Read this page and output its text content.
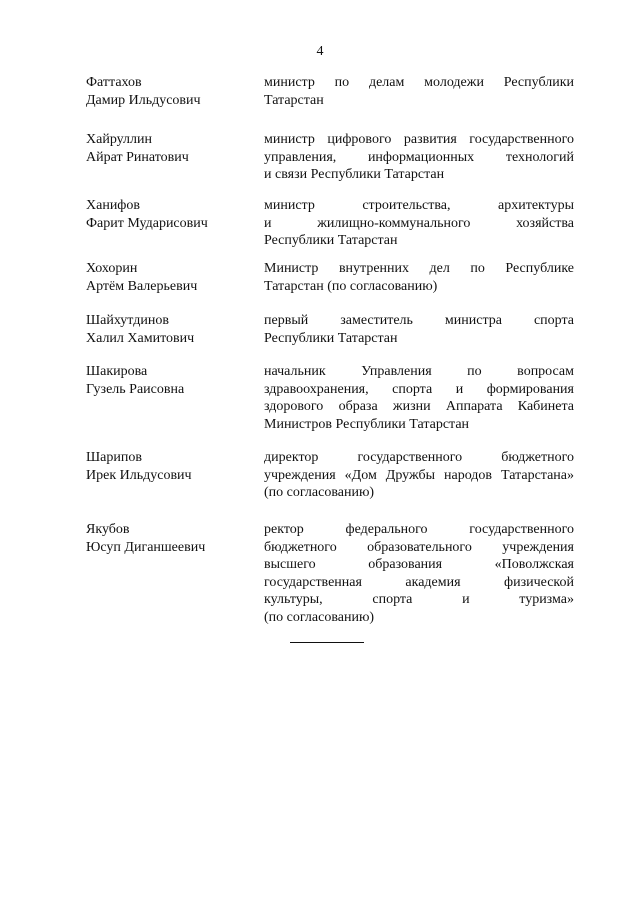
4
Фаттахов
Дамир Ильдусович
министр по делам молодежи Республики
Татарстан
Хайруллин
Айрат Ринатович
министр цифрового развития государственного
управления, информационных технологий
и связи Республики Татарстан
Ханифов
Фарит Мударисович
министр строительства, архитектуры
и жилищно-коммунального хозяйства
Республики Татарстан
Хохорин
Артём Валерьевич
Министр внутренних дел по Республике
Татарстан (по согласованию)
Шайхутдинов
Халил Хамитович
первый заместитель министра спорта
Республики Татарстан
Шакирова
Гузель Раисовна
начальник Управления по вопросам
здравоохранения, спорта и формирования
здорового образа жизни Аппарата Кабинета
Министров Республики Татарстан
Шарипов
Ирек Ильдусович
директор государственного бюджетного
учреждения «Дом Дружбы народов Татарстана»
(по согласованию)
Якубов
Юсуп Диганшеевич
ректор федерального государственного
бюджетного образовательного учреждения
высшего образования «Поволжская
государственная академия физической
культуры, спорта и туризма»
(по согласованию)
